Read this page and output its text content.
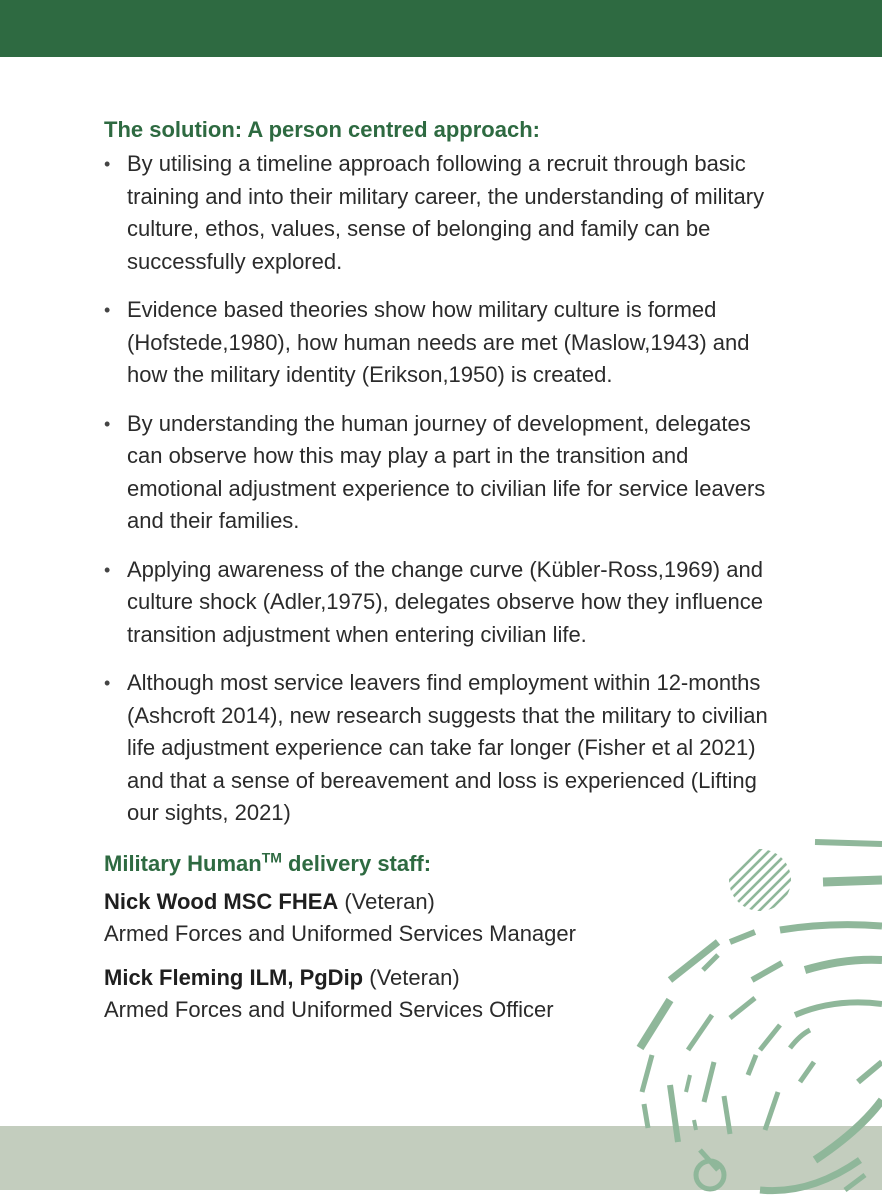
The solution: A person centred approach:
• By utilising a timeline approach following a recruit through basic training and into their military career, the understanding of military culture, ethos, values, sense of belonging and family can be successfully explored.
• Evidence based theories show how military culture is formed (Hofstede,1980), how human needs are met (Maslow,1943) and how the military identity (Erikson,1950) is created.
• By understanding the human journey of development, delegates can observe how this may play a part in the transition and emotional adjustment experience to civilian life for service leavers and their families.
• Applying awareness of the change curve (Kübler-Ross,1969) and culture shock (Adler,1975), delegates observe how they influence transition adjustment when entering civilian life.
• Although most service leavers find employment within 12-months (Ashcroft 2014), new research suggests that the military to civilian life adjustment experience can take far longer (Fisher et al 2021) and that a sense of bereavement and loss is experienced (Lifting our sights, 2021)
Military Human™ delivery staff:
Nick Wood MSC FHEA (Veteran)
Armed Forces and Uniformed Services Manager
Mick Fleming ILM, PgDip (Veteran)
Armed Forces and Uniformed Services Officer
